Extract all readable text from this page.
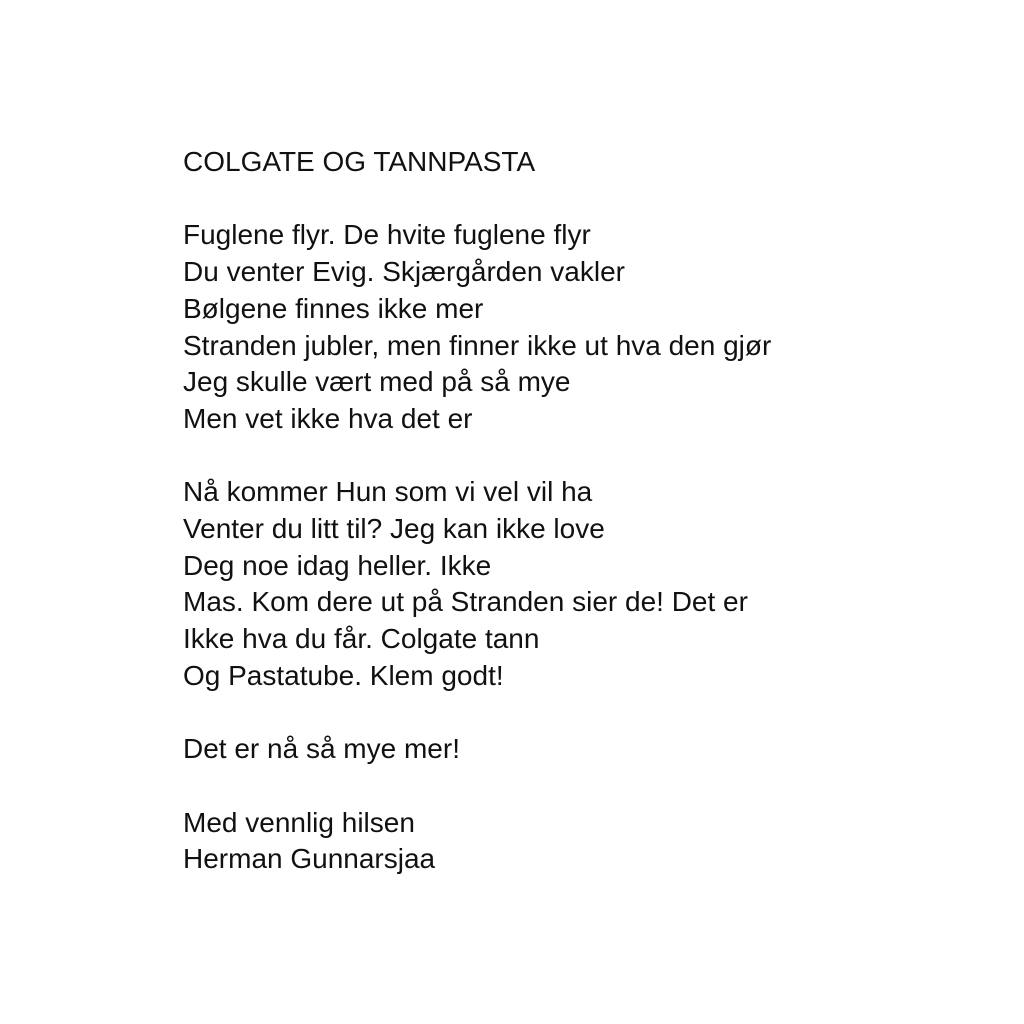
COLGATE OG TANNPASTA
Fuglene flyr. De hvite fuglene flyr
Du venter Evig. Skjærgården vakler
Bølgene finnes ikke mer
Stranden jubler, men finner ikke ut hva den gjør
Jeg skulle vært med på så mye
Men vet ikke hva det er
Nå kommer Hun som vi vel vil ha
Venter du litt til? Jeg kan ikke love
Deg noe idag heller. Ikke
Mas. Kom dere ut på Stranden sier de! Det er
Ikke hva du får. Colgate tann
Og Pastatube. Klem godt!
Det er nå så mye mer!
Med vennlig hilsen
Herman Gunnarsjaa
